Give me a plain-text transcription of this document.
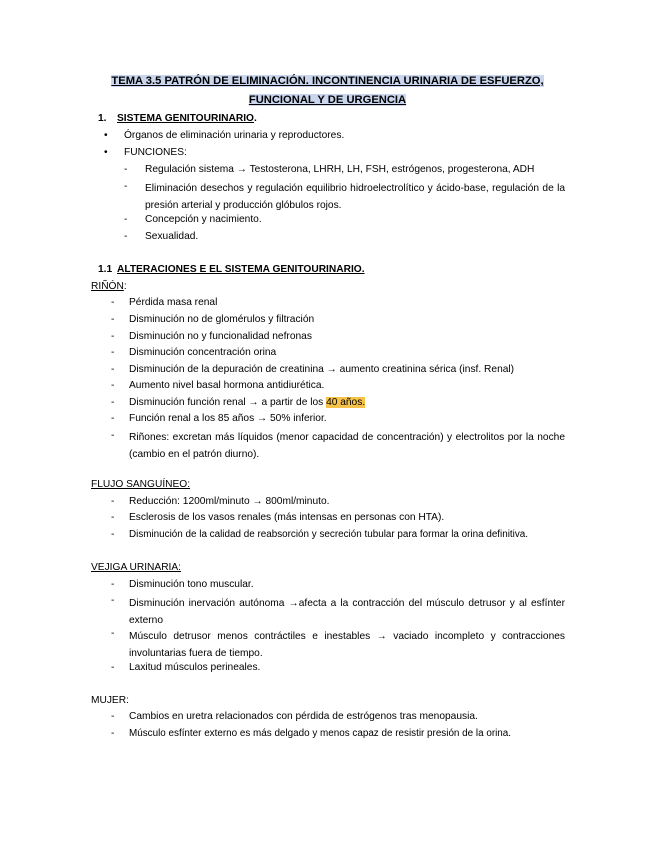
TEMA 3.5 PATRÓN DE ELIMINACIÓN. INCONTINENCIA URINARIA DE ESFUERZO,
FUNCIONAL Y DE URGENCIA
1. SISTEMA GENITOURINARIO.
• Órganos de eliminación urinaria y reproductores.
• FUNCIONES:
- Regulación sistema → Testosterona, LHRH, LH, FSH, estrógenos, progesterona, ADH
- Eliminación desechos y regulación equilibrio hidroelectrolítico y ácido-base, regulación de la presión arterial y producción glóbulos rojos.
- Concepción y nacimiento.
- Sexualidad.
1.1 ALTERACIONES E EL SISTEMA GENITOURINARIO.
RIÑÓN:
- Pérdida masa renal
- Disminución no de glomérulos y filtración
- Disminución no y funcionalidad nefronas
- Disminución concentración orina
- Disminución de la depuración de creatinina → aumento creatinina sérica (insf. Renal)
- Aumento nivel basal hormona antidiurética.
- Disminución función renal → a partir de los 40 años.
- Función renal a los 85 años → 50% inferior.
- Riñones: excretan más líquidos (menor capacidad de concentración) y electrolitos por la noche (cambio en el patrón diurno).
FLUJO SANGUÍNEO:
- Reducción: 1200ml/minuto → 800ml/minuto.
- Esclerosis de los vasos renales (más intensas en personas con HTA).
- Disminución de la calidad de reabsorción y secreción tubular para formar la orina definitiva.
VEJIGA URINARIA:
- Disminución tono muscular.
- Disminución inervación autónoma →afecta a la contracción del músculo detrusor y al esfínter externo
- Músculo detrusor menos contráctiles e inestables → vaciado incompleto y contracciones involuntarias fuera de tiempo.
- Laxitud músculos perineales.
MUJER:
- Cambios en uretra relacionados con pérdida de estrógenos tras menopausia.
- Músculo esfínter externo es más delgado y menos capaz de resistir presión de la orina.
